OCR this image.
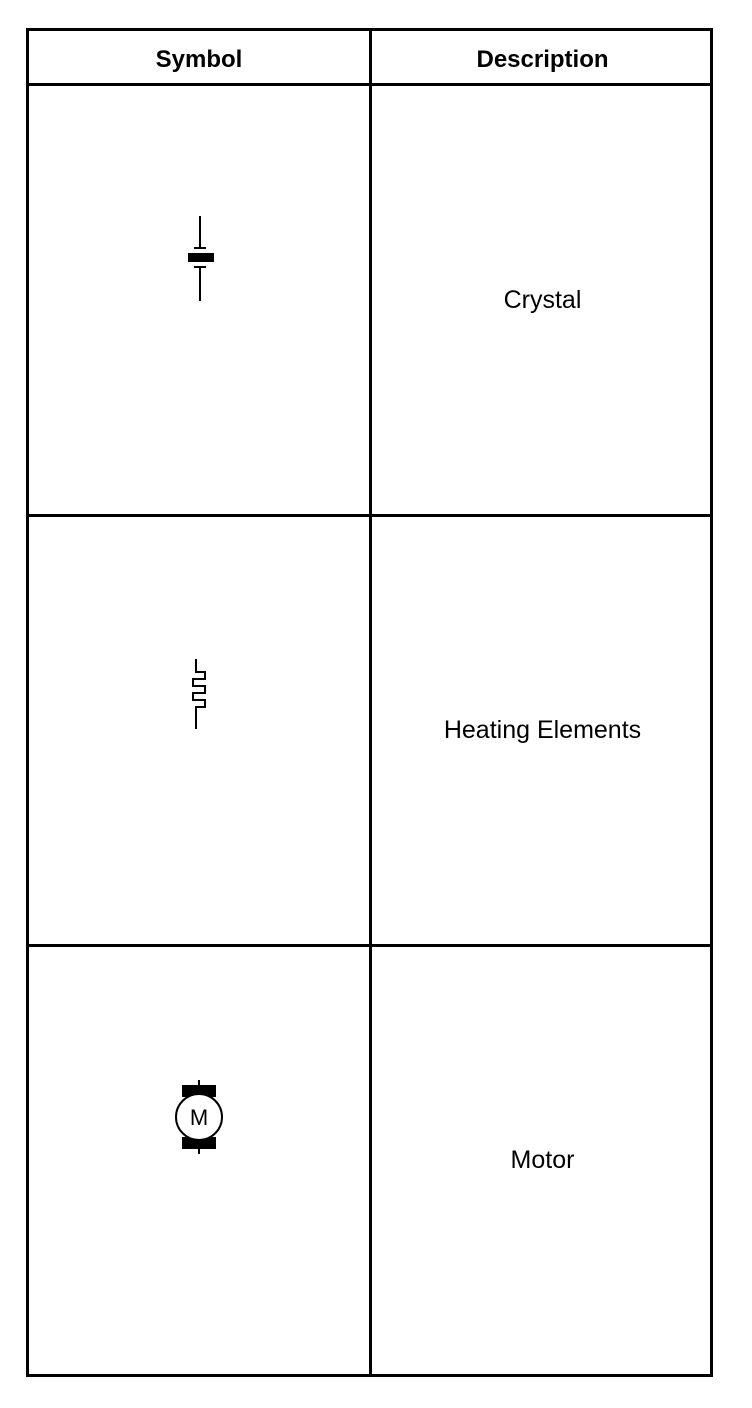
Symbol	Description
Crystal
Heating Elements
M
Motor
